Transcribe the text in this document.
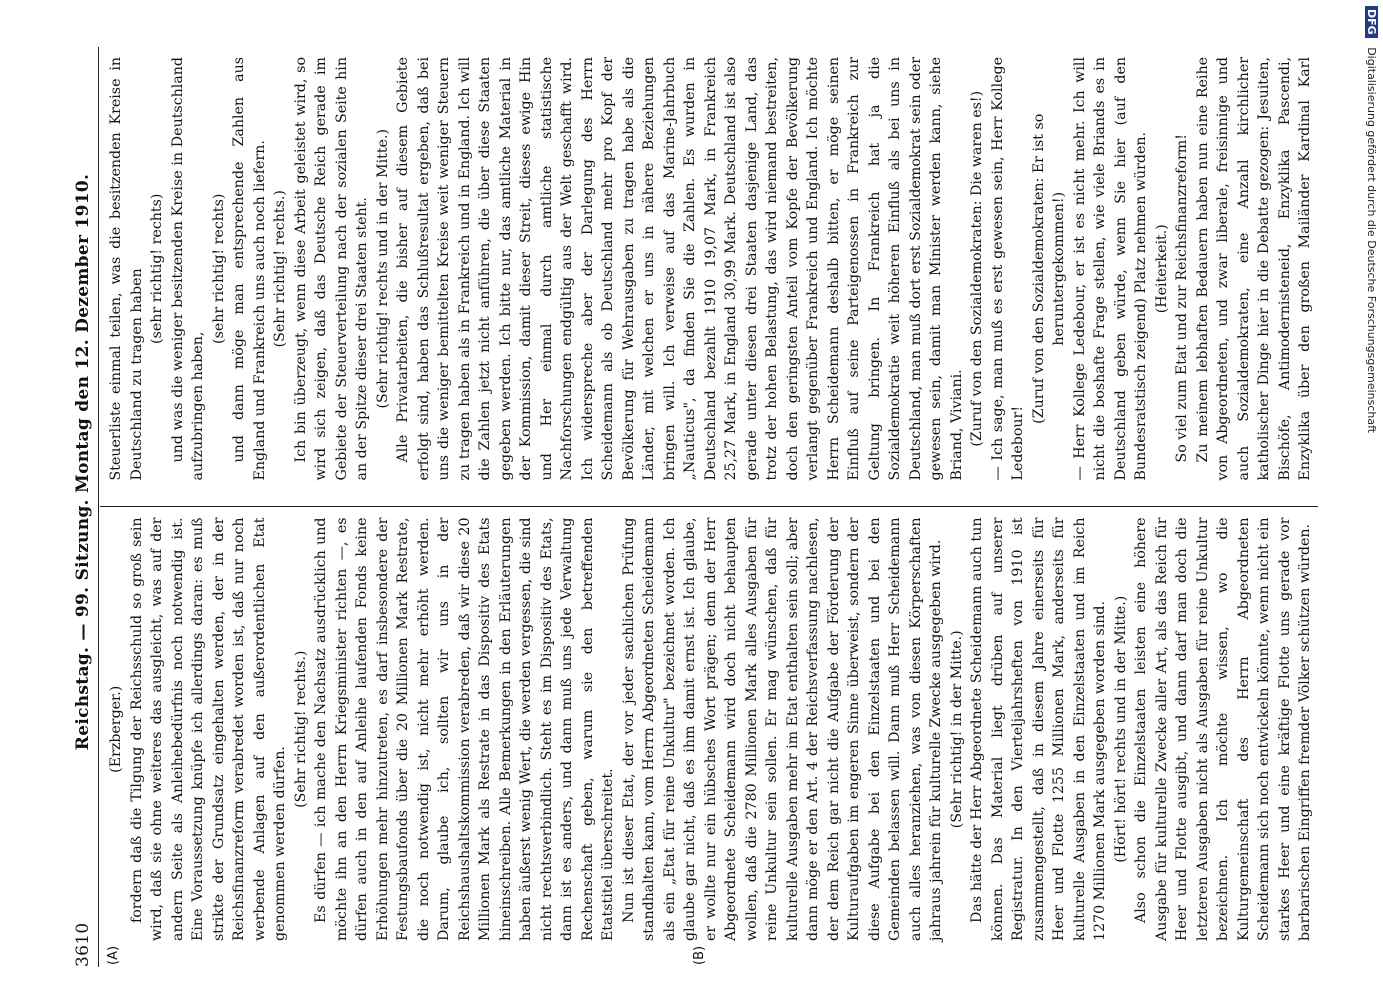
3610
Reichstag. — 99. Sitzung. Montag den 12. Dezember 1910.
(A)	(B)

(Erzberger.) fordern daß die Tilgung der Reichsschuld so groß sein wird, daß sie ohne weiteres das ausgleicht, was auf der andern Seite als Anleihebedürfnis noch notwendig ist. Eine Voraussetzung knüpfe ich allerdings daran: es muß strikte der Grundsatz eingehalten werden, der in der Reichsfinanzreform verabredet worden ist, daß nur noch werbende Anlagen auf den außerordentlichen Etat genommen werden dürfen.

(Sehr richtig! rechts.) Es dürfen — ich mache den Nachsatz ausdrücklich und möchte ihn an den Herrn Kriegsminister richten —, es dürfen auch in den auf Anleihe laufenden Fonds keine Erhöhungen mehr hinzutreten, es darf insbesondere der Festungsbaufonds über die 20 Millionen Mark Restrate, die noch notwendig ist, nicht mehr erhöht werden. Darum, glaube ich, sollten wir uns in der Reichshaushaltskommission verabreden, daß wir diese 20 Millionen Mark als Restrate in das Dispositiv des Etats hineinschreiben. Alle Bemerkungen in den Erläuterungen haben äußerst wenig Wert, die werden vergessen, die sind nicht rechtsverbindlich. Steht es im Dispositiv des Etats, dann ist es anders, und dann muß uns jede Verwaltung Rechenschaft geben, warum sie den betreffenden Etatstitel überschreitet. Nun ist dieser Etat, der vor jeder sachlichen Prüfung standhalten kann, vom Herrn Abgeordneten Scheidemann als ein „Etat für reine Unkultur" bezeichnet worden. Ich glaube gar nicht, daß es ihm damit ernst ist. Ich glaube, er wollte nur ein hübsches Wort prägen; denn der Herr Abgeordnete Scheidemann wird doch nicht behaupten wollen, daß die 2780 Millionen Mark alles Ausgaben für reine Unkultur sein sollen. Er mag wünschen, daß für kulturelle Ausgaben mehr im Etat enthalten sein soll; aber dann möge er den Art. 4 der Reichsverfassung nachlesen, der dem Reich gar nicht die Aufgabe der Förderung der Kulturaufgaben im engeren Sinne überweist, sondern der diese Aufgabe bei den Einzelstaaten und bei den Gemeinden belassen will. Dann muß Herr Scheidemann auch alles heranziehen, was von diesen Körperschaften jahraus jahrein für kulturelle Zwecke ausgegeben wird. (Sehr richtig! in der Mitte.) Das hätte der Herr Abgeordnete Scheidemann auch tun können. Das Material liegt drüben auf unserer Registratur. In den Vierteljahrsheften von 1910 ist zusammengestellt, daß in diesem Jahre einerseits für Heer und Flotte 1255 Millionen Mark, anderseits für kulturelle Ausgaben in den Einzelstaaten und im Reich 1270 Millionen Mark ausgegeben worden sind. (Hört! hört! rechts und in der Mitte.) Also schon die Einzelstaaten leisten eine höhere Ausgabe für kulturelle Zwecke aller Art, als das Reich für Heer und Flotte ausgibt, und dann darf man doch die letzteren Ausgaben nicht als Ausgaben für reine Unkultur bezeichnen. Ich möchte wissen, wo die Kulturgemeinschaft des Herrn Abgeordneten Scheidemann sich noch entwickeln könnte, wenn nicht ein starkes Heer und eine kräftige Flotte uns gerade vor barbarischen Eingriffen fremder Völker schützen würden.

Steuerliste einmal teilen, was die besitzenden Kreise in Deutschland zu tragen haben (sehr richtig! rechts) und was die weniger besitzenden Kreise in Deutschland aufzubringen haben,

(sehr richtig! rechts) und dann möge man entsprechende Zahlen aus England und Frankreich uns auch noch liefern. (Sehr richtig! rechts.) Ich bin überzeugt, wenn diese Arbeit geleistet wird, so wird sich zeigen, daß das Deutsche Reich gerade im Gebiete der Steuerverteilung nach der sozialen Seite hin an der Spitze dieser drei Staaten steht. (Sehr richtig! rechts und in der Mitte.) Alle Privatarbeiten, die bisher auf diesem Gebiete erfolgt sind, haben das Schlußresultat ergeben, daß bei uns die weniger bemittelten Kreise weit weniger Steuern zu tragen haben als in Frankreich und in England. Ich will die Zahlen jetzt nicht anführen, die über diese Staaten gegeben werden. Ich bitte nur, das amtliche Material in der Kommission, damit dieser Streit, dieses ewige Hin und Her einmal durch amtliche statistische Nachforschungen endgültig aus der Welt geschafft wird. Ich widerspreche aber der Darlegung des Herrn Scheidemann als ob Deutschland mehr pro Kopf der Bevölkerung für Wehrausgaben zu tragen habe als die Länder, mit welchen er uns in nähere Beziehungen bringen will. Ich verweise auf das Marine-Jahrbuch „Nauticus", da finden Sie die Zahlen. Es wurden in Deutschland bezahlt 1910 19,07 Mark, in Frankreich 25,27 Mark, in England 30,99 Mark. Deutschland ist also gerade unter diesen drei Staaten dasjenige Land, das trotz der hohen Belastung, das wird niemand bestreiten, doch den geringsten Anteil vom Kopfe der Bevölkerung verlangt gegenüber Frankreich und England. Ich möchte Herrn Scheidemann deshalb bitten, er möge seinen Einfluß auf seine Parteigenossen in Frankreich zur Geltung bringen. In Frankreich hat ja die Sozialdemokratie weit höheren Einfluß als bei uns in Deutschland, man muß dort erst Sozialdemokrat sein oder gewesen sein, damit man Minister werden kann, siehe Briand, Viviani. (Zuruf von den Sozialdemokraten: Die waren es!) — Ich sage, man muß es erst gewesen sein, Herr Kollege Ledebour!

(Zuruf von den Sozialdemokraten: Er ist so heruntergekommen!) — Herr Kollege Ledebour, er ist es nicht mehr. Ich will nicht die boshafte Frage stellen, wie viele Briands es in Deutschland geben würde, wenn Sie hier (auf den Bundesratstisch zeigend) Platz nehmen würden. (Heiterkeit.) So viel zum Etat und zur Reichsfinanzreform! Zu meinem lebhaften Bedauern haben nun eine Reihe von Abgeordneten, und zwar liberale, freisinnige und auch Sozialdemokraten, eine Anzahl kirchlicher katholischer Dinge hier in die Debatte gezogen: Jesuiten, Bischöfe, Antimodernisteneid, Enzyklika Pascendi, Enzyklika über den großen Mailänder Kardinal Karl

DFG Digitalisierung gefördert durch die Deutsche Forschungsgemeinschaft
